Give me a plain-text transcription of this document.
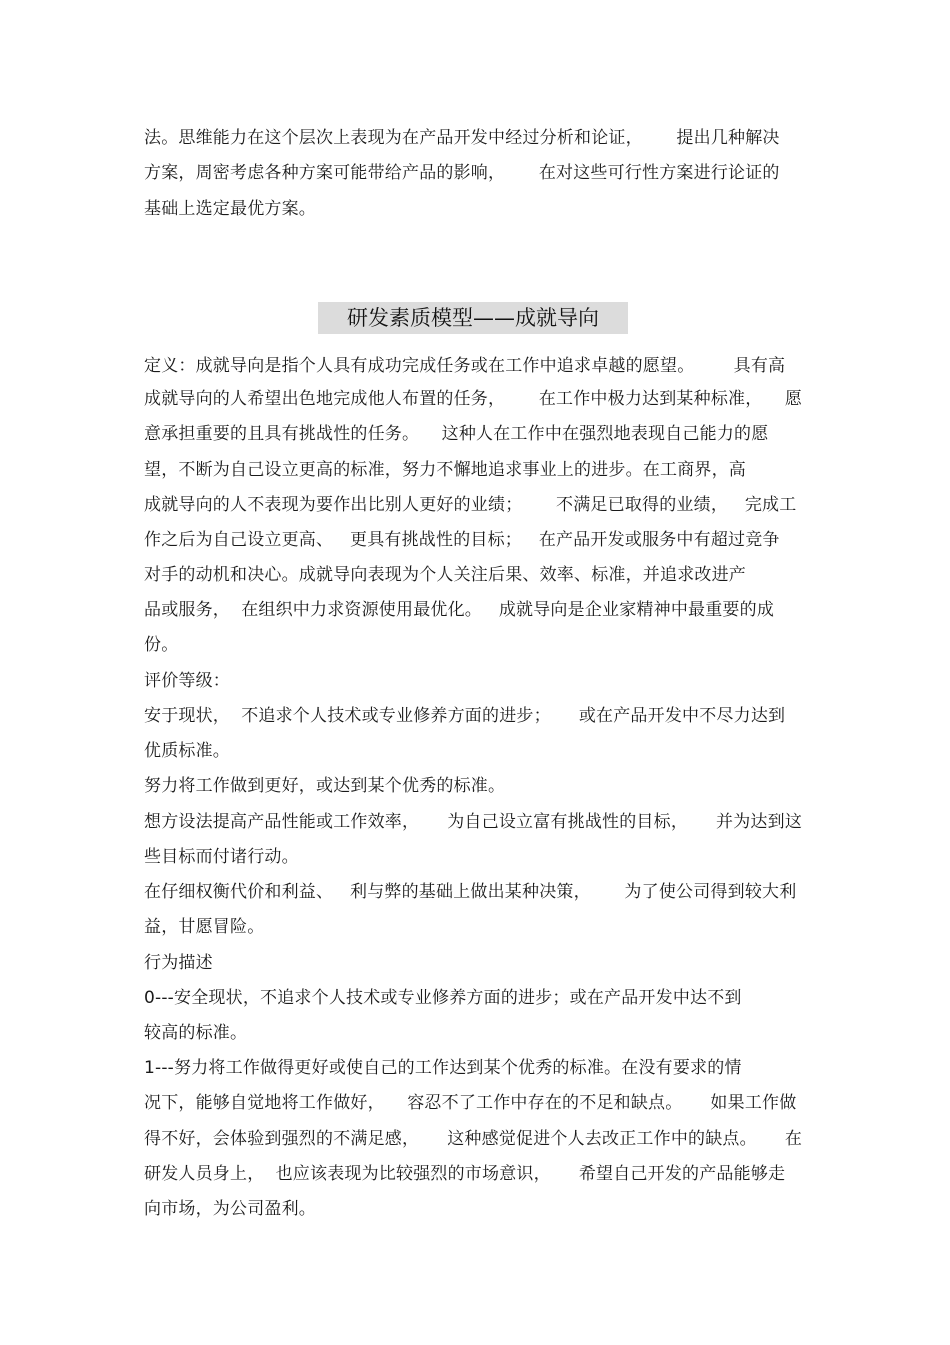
法。思维能力在这个层次上表现为在产品开发中经过分析和论证，      提出几种解决
方案，周密考虑各种方案可能带给产品的影响，      在对这些可行性方案进行论证的
基础上选定最优方案。
研发素质模型——成就导向
定义：成就导向是指个人具有成功完成任务或在工作中追求卓越的愿望。       具有高
成就导向的人希望出色地完成他人布置的任务，      在工作中极力达到某种标准，    愿
意承担重要的且具有挑战性的任务。    这种人在工作中在强烈地表现自己能力的愿
望，不断为自己设立更高的标准，努力不懈地追求事业上的进步。在工商界，高
成就导向的人不表现为要作出比别人更好的业绩；      不满足已取得的业绩，   完成工
作之后为自己设立更高、   更具有挑战性的目标；   在产品开发或服务中有超过竞争
对手的动机和决心。成就导向表现为个人关注后果、效率、标准，并追求改进产
品或服务，  在组织中力求资源使用最优化。   成就导向是企业家精神中最重要的成
份。
评价等级：
安于现状，  不追求个人技术或专业修养方面的进步；     或在产品开发中不尽力达到
优质标准。
努力将工作做到更好，或达到某个优秀的标准。
想方设法提高产品性能或工作效率，     为自己设立富有挑战性的目标，     并为达到这
些目标而付诸行动。
在仔细权衡代价和利益、   利与弊的基础上做出某种决策，      为了使公司得到较大利
益，甘愿冒险。
行为描述
0---安全现状，不追求个人技术或专业修养方面的进步；或在产品开发中达不到
较高的标准。
1---努力将工作做得更好或使自己的工作达到某个优秀的标准。在没有要求的情
况下，能够自觉地将工作做好，    容忍不了工作中存在的不足和缺点。     如果工作做
得不好，会体验到强烈的不满足感，     这种感觉促进个人去改正工作中的缺点。     在
研发人员身上，  也应该表现为比较强烈的市场意识，     希望自己开发的产品能够走
向市场，为公司盈利。
